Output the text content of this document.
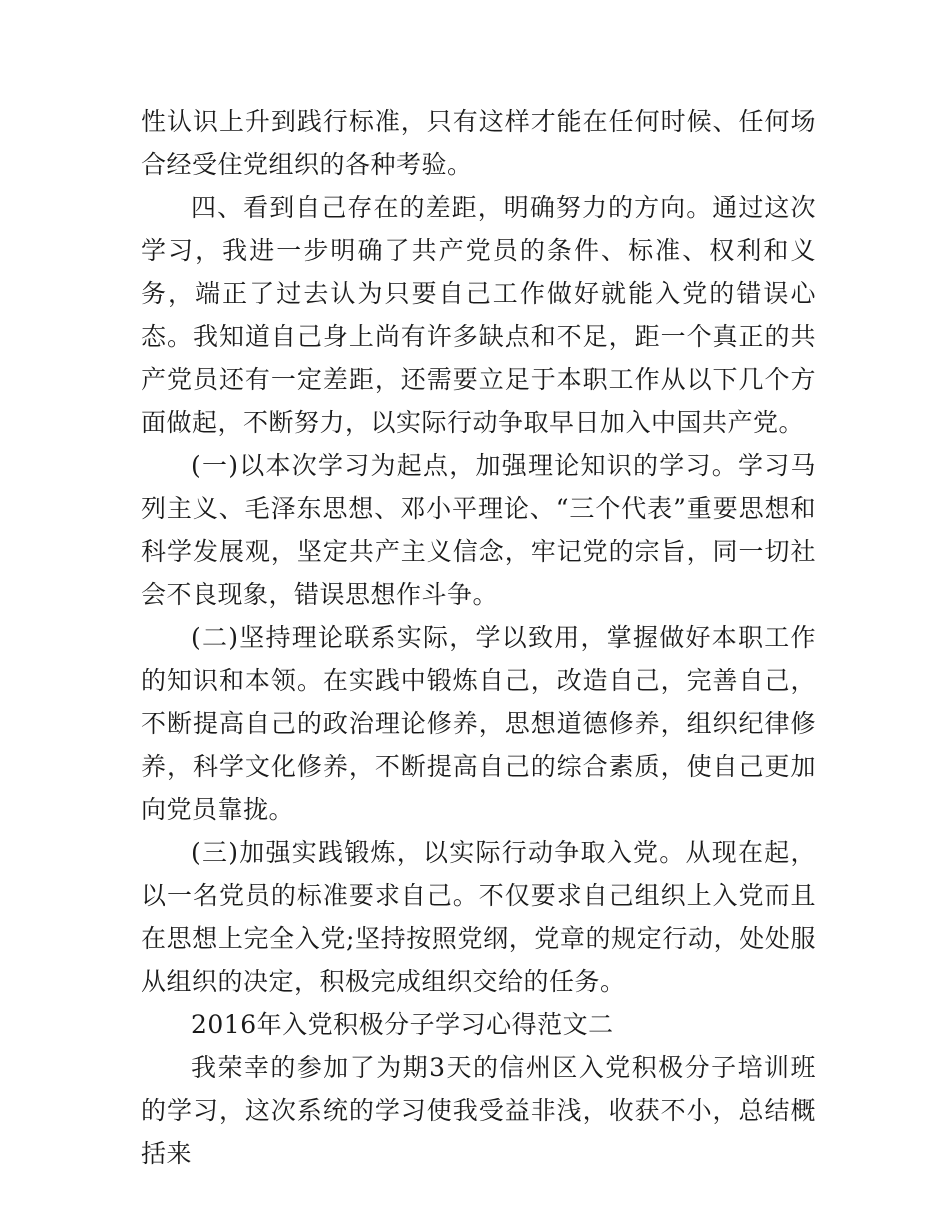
性认识上升到践行标准，只有这样才能在任何时候、任何场合经受住党组织的各种考验。

四、看到自己存在的差距，明确努力的方向。通过这次学习，我进一步明确了共产党员的条件、标准、权利和义务，端正了过去认为只要自己工作做好就能入党的错误心态。我知道自己身上尚有许多缺点和不足，距一个真正的共产党员还有一定差距，还需要立足于本职工作从以下几个方面做起，不断努力，以实际行动争取早日加入中国共产党。

(一)以本次学习为起点，加强理论知识的学习。学习马列主义、毛泽东思想、邓小平理论、“三个代表”重要思想和科学发展观，坚定共产主义信念，牢记党的宗旨，同一切社会不良现象，错误思想作斗争。

(二)坚持理论联系实际，学以致用，掌握做好本职工作的知识和本领。在实践中锻炼自己，改造自己，完善自己，不断提高自己的政治理论修养，思想道德修养，组织纪律修养，科学文化修养，不断提高自己的综合素质，使自己更加向党员靠拢。

(三)加强实践锻炼，以实际行动争取入党。从现在起，以一名党员的标准要求自己。不仅要求自己组织上入党而且在思想上完全入党;坚持按照党纲，党章的规定行动，处处服从组织的决定，积极完成组织交给的任务。

2016年入党积极分子学习心得范文二

我荣幸的参加了为期3天的信州区入党积极分子培训班的学习，这次系统的学习使我受益非浅，收获不小，总结概括来
